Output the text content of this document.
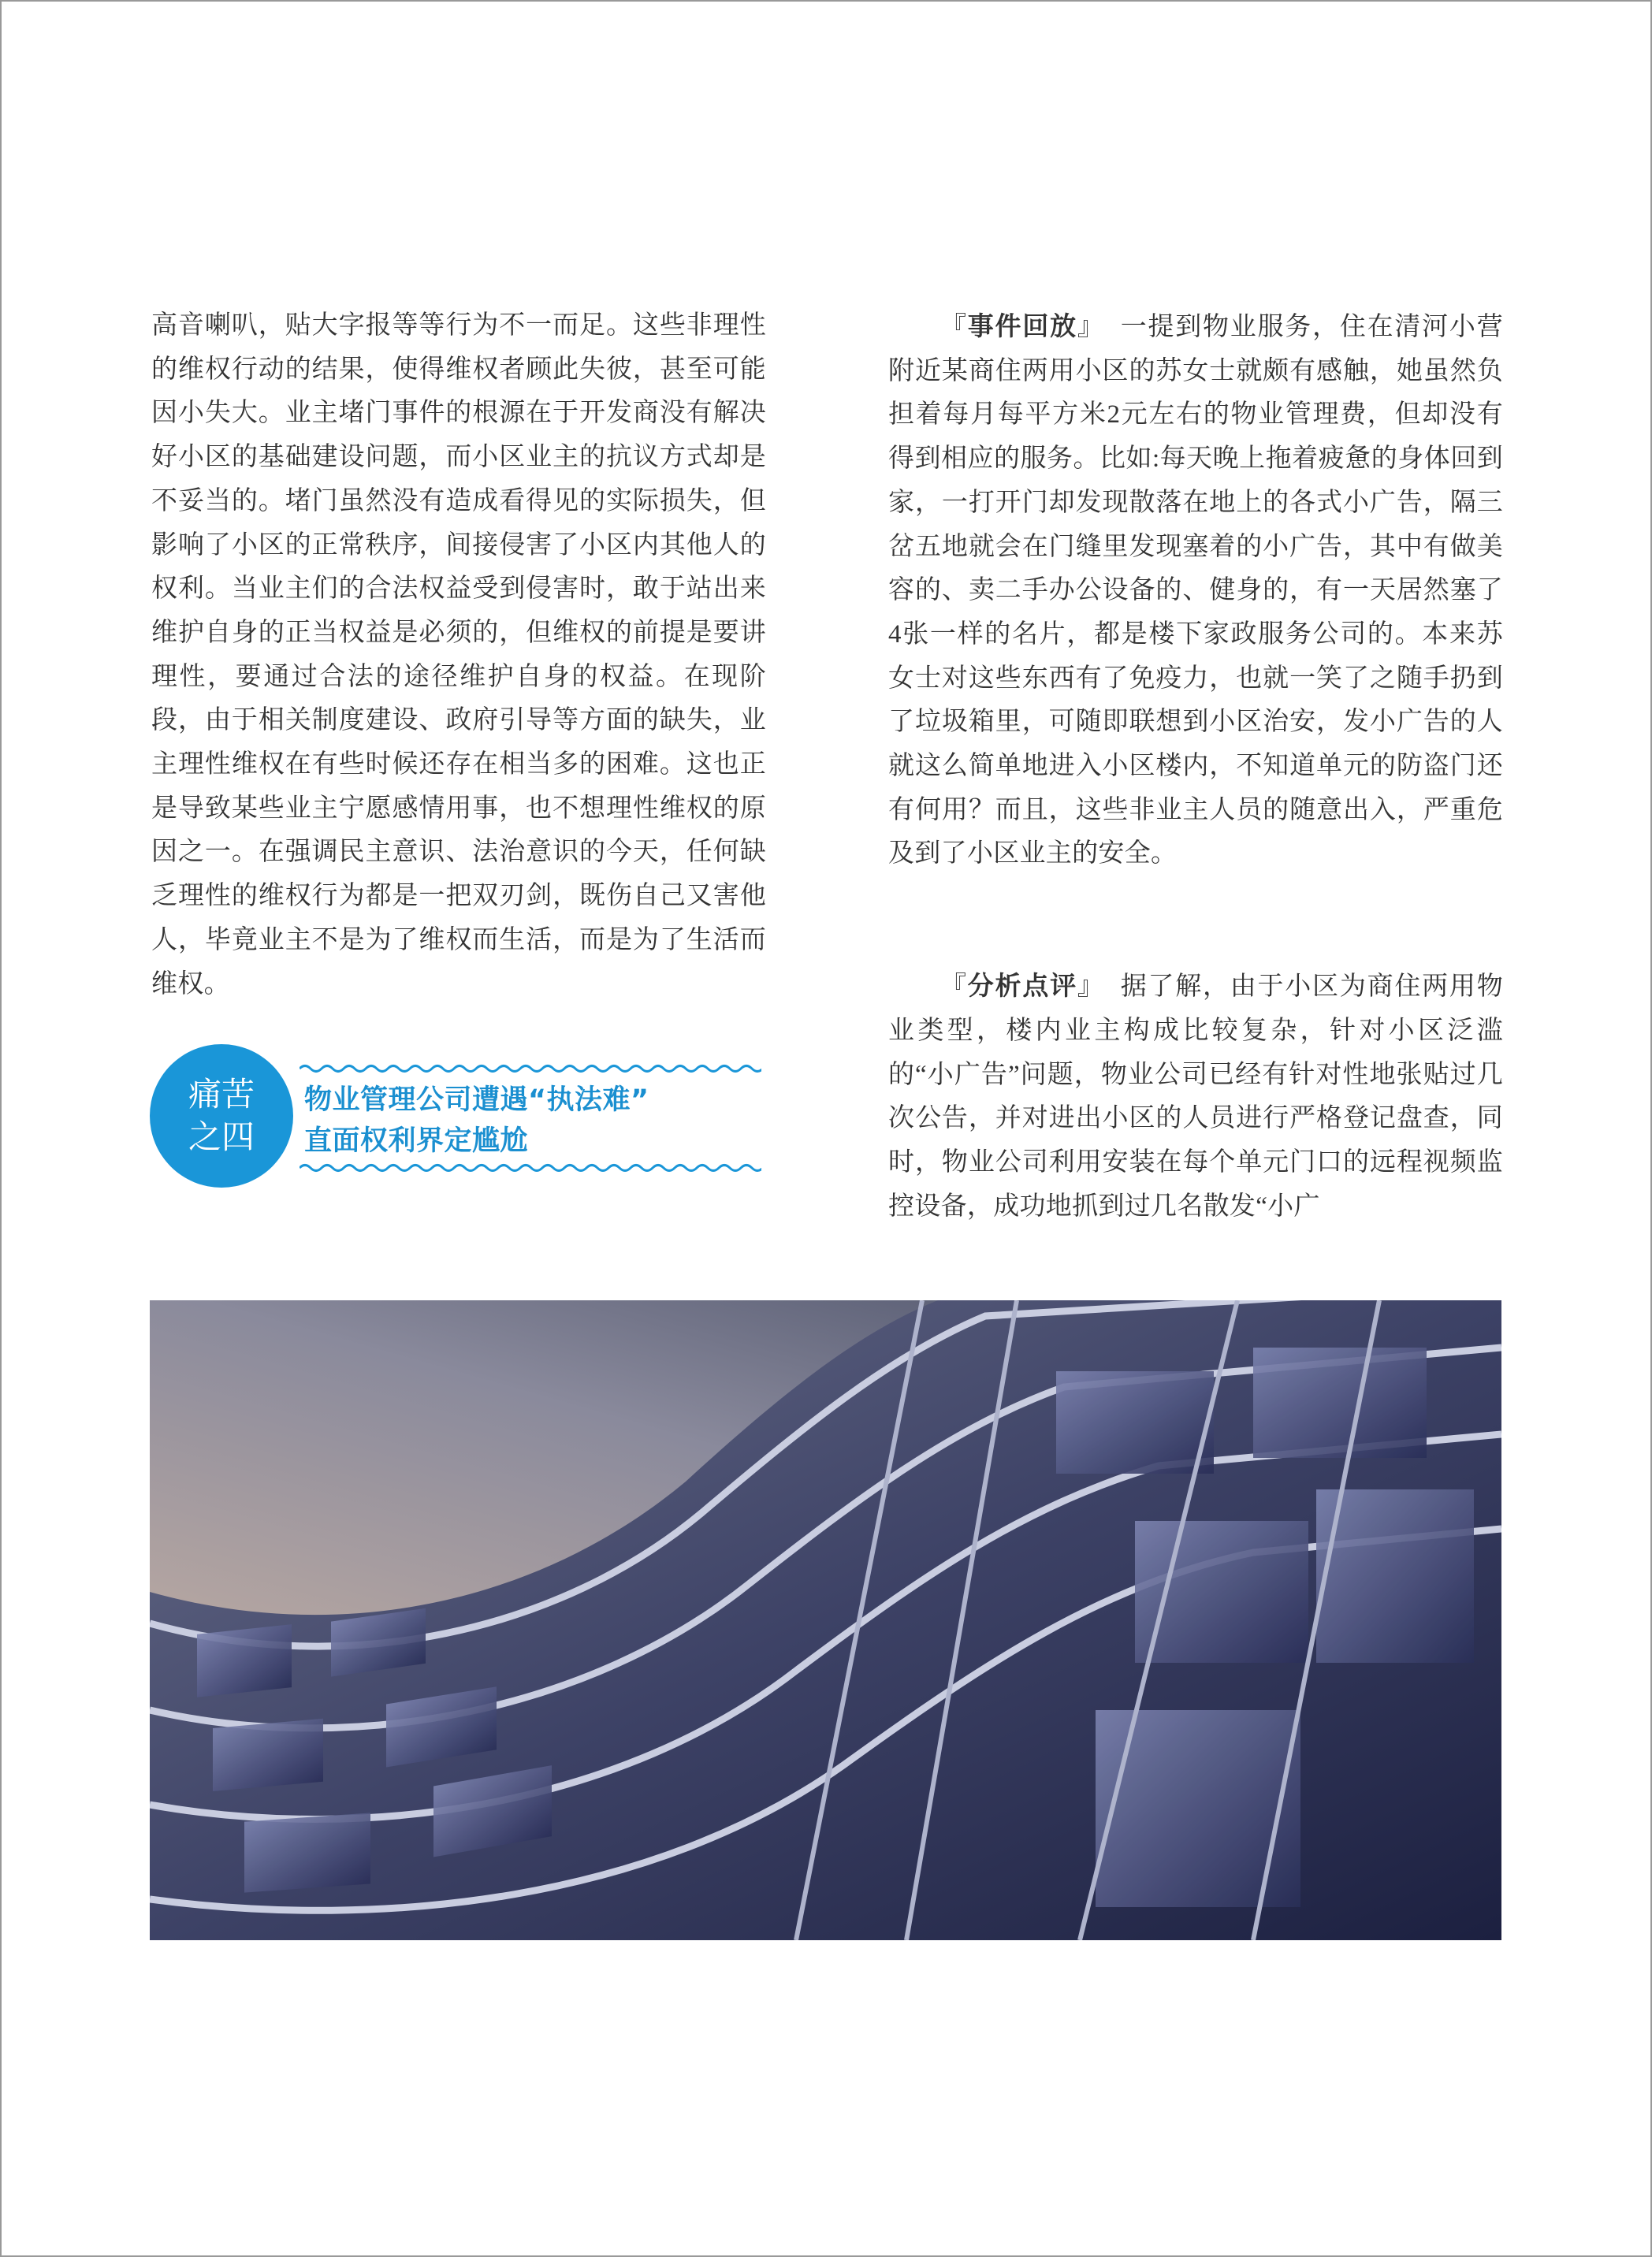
高音喇叭，贴大字报等等行为不一而足。这些非理性的维权行动的结果，使得维权者顾此失彼，甚至可能因小失大。业主堵门事件的根源在于开发商没有解决好小区的基础建设问题，而小区业主的抗议方式却是不妥当的。堵门虽然没有造成看得见的实际损失，但影响了小区的正常秩序，间接侵害了小区内其他人的权利。当业主们的合法权益受到侵害时，敢于站出来维护自身的正当权益是必须的，但维权的前提是要讲理性，要通过合法的途径维护自身的权益。在现阶段，由于相关制度建设、政府引导等方面的缺失，业主理性维权在有些时候还存在相当多的困难。这也正是导致某些业主宁愿感情用事，也不想理性维权的原因之一。在强调民主意识、法治意识的今天，任何缺乏理性的维权行为都是一把双刃剑，既伤自己又害他人，毕竟业主不是为了维权而生活，而是为了生活而维权。

痛苦
之四
物业管理公司遭遇“执法难”
直面权利界定尴尬

『事件回放』 一提到物业服务，住在清河小营附近某商住两用小区的苏女士就颇有感触，她虽然负担着每月每平方米2元左右的物业管理费，但却没有得到相应的服务。比如:每天晚上拖着疲惫的身体回到家，一打开门却发现散落在地上的各式小广告，隔三岔五地就会在门缝里发现塞着的小广告，其中有做美容的、卖二手办公设备的、健身的，有一天居然塞了4张一样的名片，都是楼下家政服务公司的。本来苏女士对这些东西有了免疫力，也就一笑了之随手扔到了垃圾箱里，可随即联想到小区治安，发小广告的人就这么简单地进入小区楼内，不知道单元的防盗门还有何用？而且，这些非业主人员的随意出入，严重危及到了小区业主的安全。

『分析点评』 据了解，由于小区为商住两用物业类型，楼内业主构成比较复杂，针对小区泛滥的“小广告”问题，物业公司已经有针对性地张贴过几次公告，并对进出小区的人员进行严格登记盘查，同时，物业公司利用安装在每个单元门口的远程视频监控设备，成功地抓到过几名散发“小广
